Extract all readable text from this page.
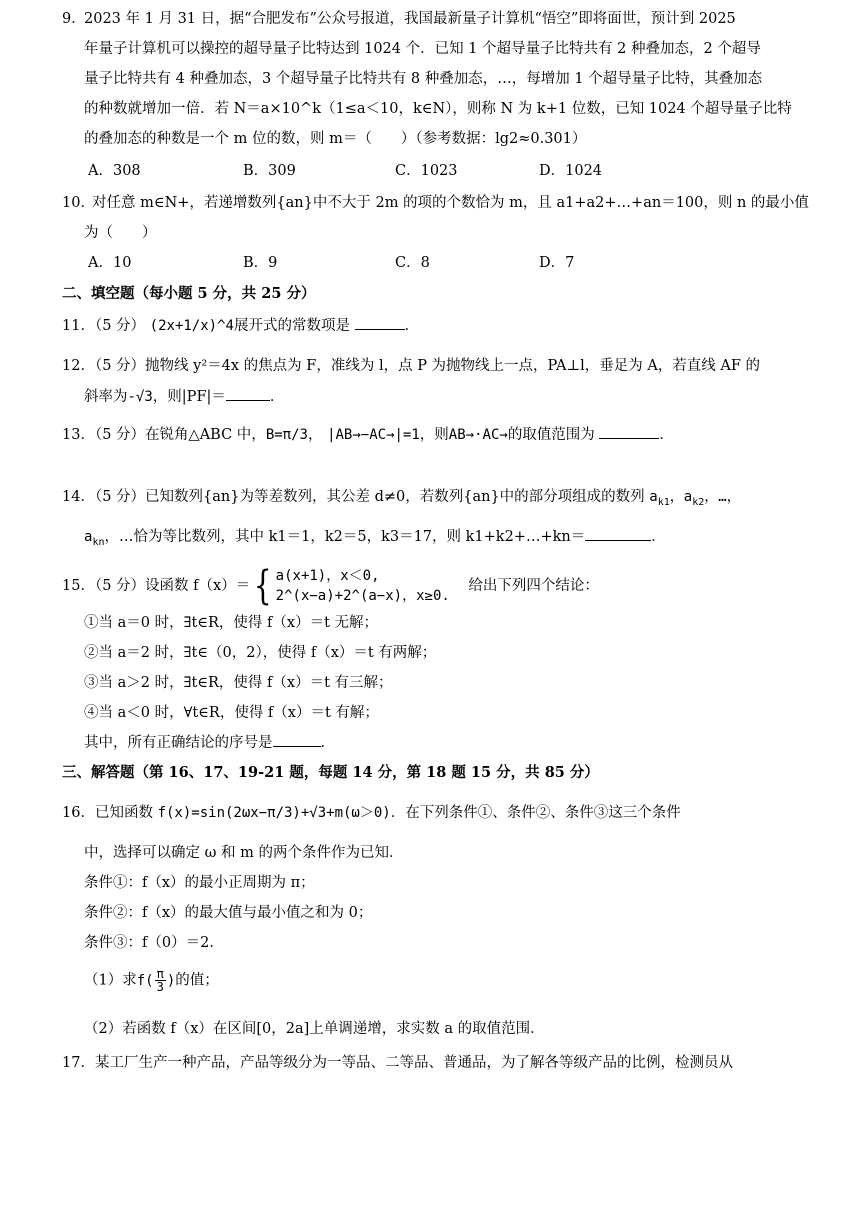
9．
2023 年 1 月 31 日，据“合肥发布”公众号报道，我国最新量子计算机“悟空”即将面世，预计到 2025
年量子计算机可以操控的超导量子比特达到 1024 个．已知 1 个超导量子比特共有 2 种叠加态，2 个超导
量子比特共有 4 种叠加态，3 个超导量子比特共有 8 种叠加态，…，每增加 1 个超导量子比特，其叠加态
的种数就增加一倍．若 N＝a×10^k（1≤a＜10，k∈N），则称 N 为 k+1 位数，已知 1024 个超导量子比特
的叠加态的种数是一个 m 位的数，则 m＝（　　）（参考数据：lg2≈0.301）
A．308	B．309	C．1023	D．1024
10．
对任意 m∈N+，若递增数列{an}中不大于 2m 的项的个数恰为 m，且 a1+a2+…+an＝100，则 n 的最小值
为（　　）
A．10	B．9	C．8	D．7
二、填空题（每小题 5 分，共 25 分）
11．（5 分） (2x+1/x)^4展开式的常数项是	．
12．（5 分）抛物线 y²＝4x 的焦点为 F，准线为 l，点 P 为抛物线上一点，PA⊥l，垂足为 A，若直线 AF 的
斜率为-√3，则|PF|＝	．
13．（5 分）在锐角△ABC 中，B=π/3， |AB→−AC→|=1，则AB→·AC→的取值范围为	．
14．（5 分）已知数列{an}为等差数列，其公差 d≠0，若数列{an}中的部分项组成的数列 $a_{k1}$，$a_{k2}$，…，
$a_{kn}$，…恰为等比数列，其中 k1＝1，k2＝5，k3＝17，则 k1+k2+…+kn＝	．
15．（5 分）设函数 f（x）＝{ a(x+1)，x＜0,
2^(x−a)+2^(a−x)，x≥0. 给出下列四个结论：
①当 a＝0 时，∃t∈R，使得 f（x）＝t 无解；
②当 a＝2 时，∃t∈（0，2），使得 f（x）＝t 有两解；
③当 a＞2 时，∃t∈R，使得 f（x）＝t 有三解；
④当 a＜0 时，∀t∈R，使得 f（x）＝t 有解；
其中，所有正确结论的序号是	．
三、解答题（第 16、17、19-21 题，每题 14 分，第 18 题 15 分，共 85 分）
16．已知函数 f(x)=sin(2ωx−π/3)+√3+m(ω＞0)．在下列条件①、条件②、条件③这三个条件
中，选择可以确定 ω 和 m 的两个条件作为已知．
条件①：f（x）的最小正周期为 π；
条件②：f（x）的最大值与最小值之和为 0；
条件③：f（0）＝2．
（1）求$f( \frac{\pi}{3}$ )的值；
（2）若函数 f（x）在区间[0，2a]上单调递增，求实数 a 的取值范围．
17．某工厂生产一种产品，产品等级分为一等品、二等品、普通品，为了解各等级产品的比例，检测员从
